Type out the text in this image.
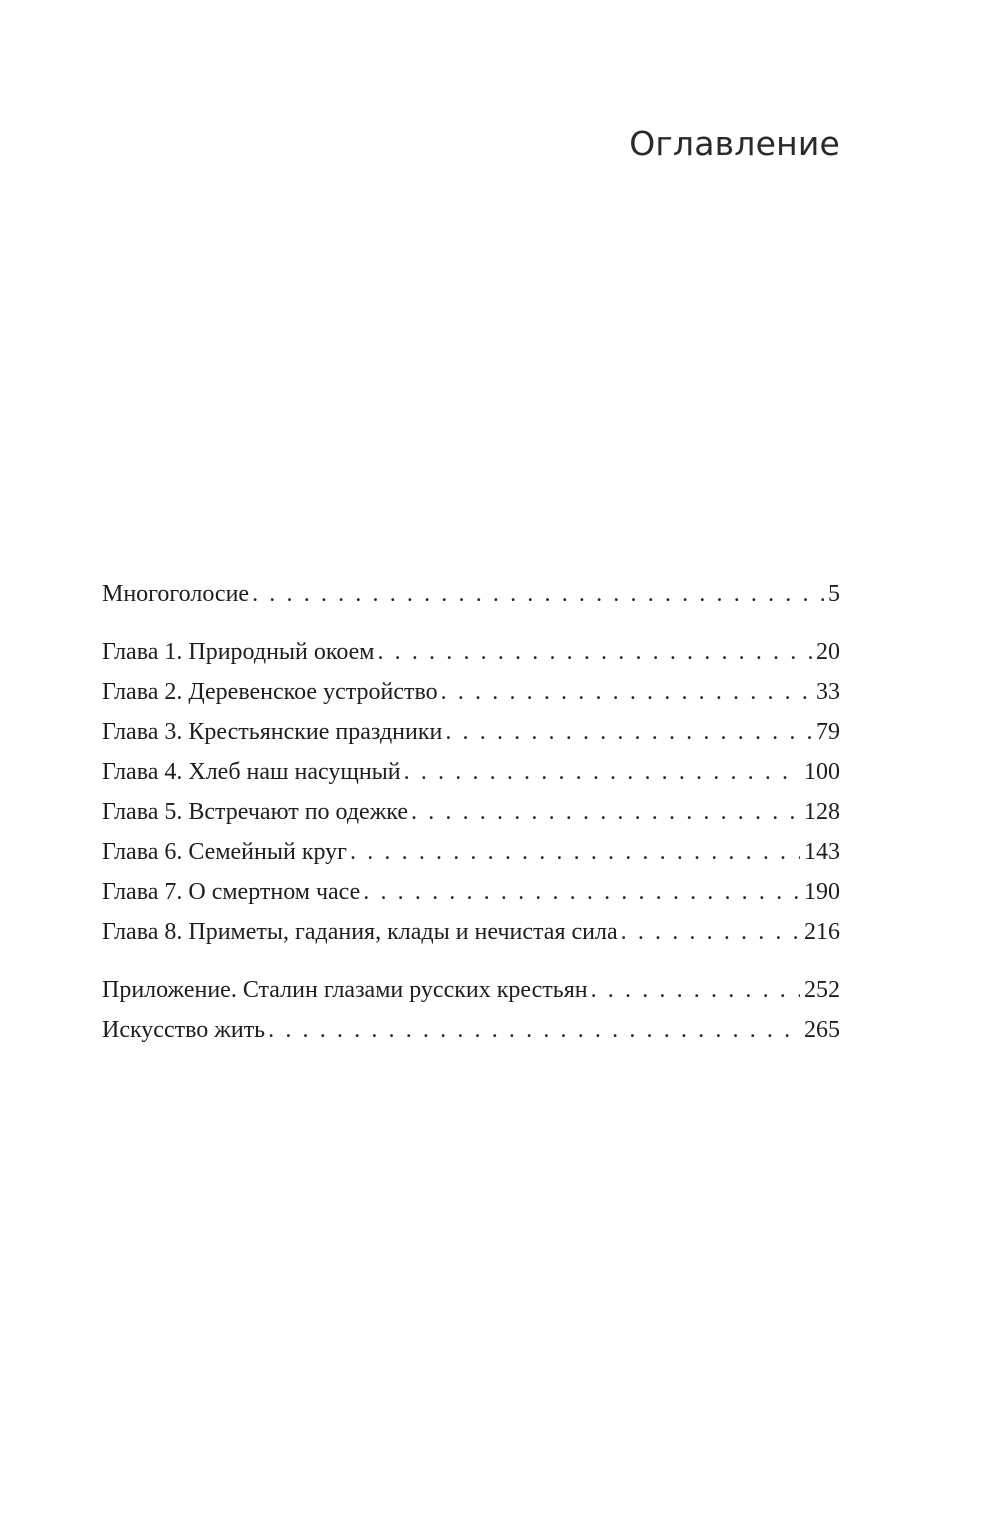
Оглавление
Многоголосие . . .	5
Глава 1. Природный окоем . . .	20
Глава 2. Деревенское устройство . . .	33
Глава 3. Крестьянские праздники . . .	79
Глава 4. Хлеб наш насущный . . .	100
Глава 5. Встречают по одежке . . .	128
Глава 6. Семейный круг . . .	143
Глава 7. О смертном часе . . .	190
Глава 8. Приметы, гадания, клады и нечистая сила . . .	216
Приложение. Сталин глазами русских крестьян . . .	252
Искусство жить . . .	265
